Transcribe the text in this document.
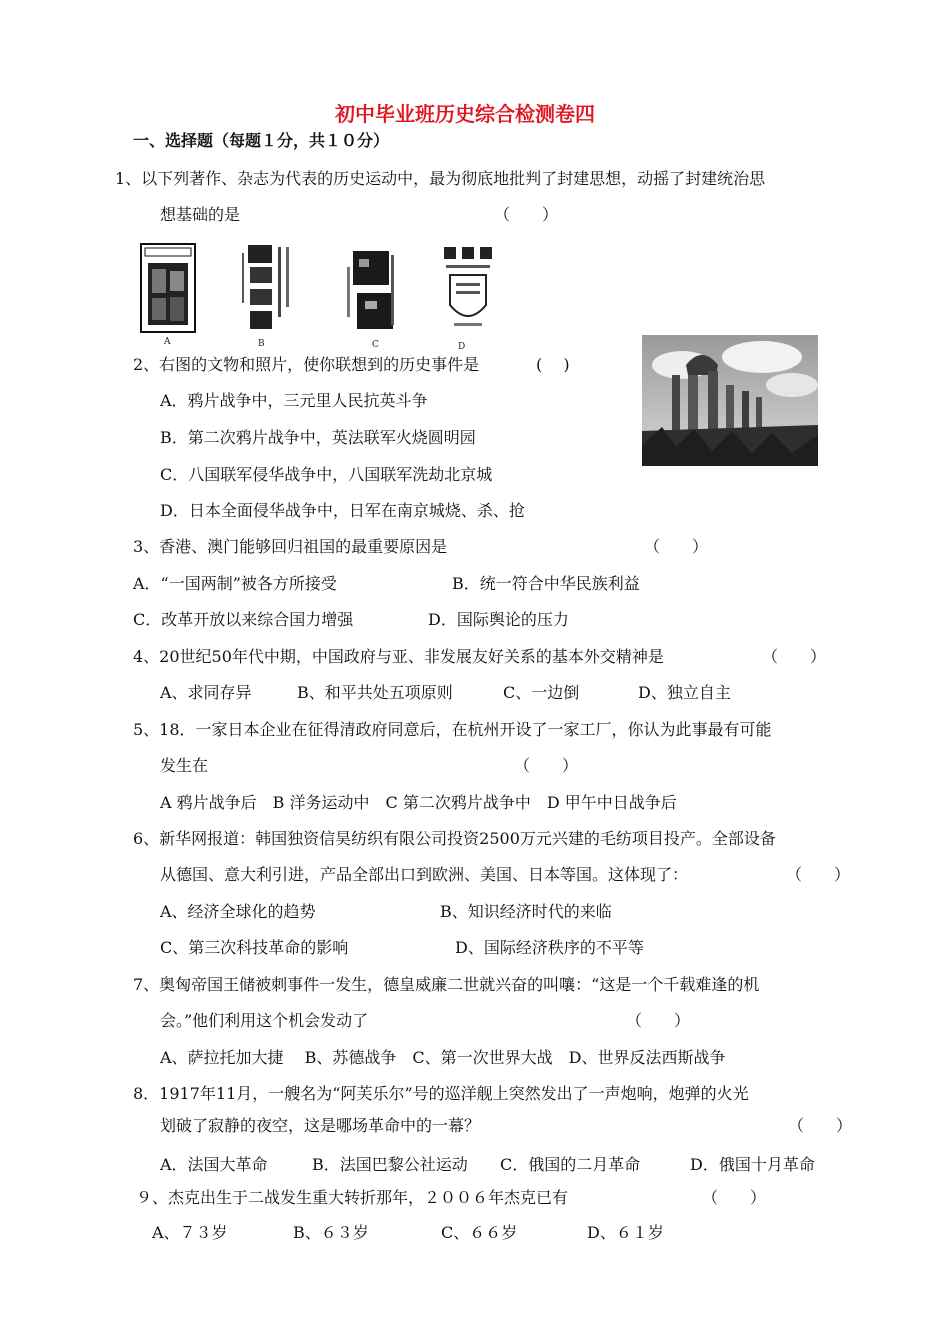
初中毕业班历史综合检测卷四
一、选择题（每题１分，共１０分）
1、以下列著作、杂志为代表的历史运动中，最为彻底地批判了封建思想，动摇了封建统治思
想基础的是	（　　）
A	B	C	D
2、右图的文物和照片，使你联想到的历史事件是	(　 )
A．鸦片战争中，三元里人民抗英斗争
B．第二次鸦片战争中，英法联军火烧圆明园
C．八国联军侵华战争中，八国联军洗劫北京城
D．日本全面侵华战争中，日军在南京城烧、杀、抢
3、香港、澳门能够回归祖国的最重要原因是	（　　）
A．“一国两制”被各方所接受	B．统一符合中华民族利益
C．改革开放以来综合国力增强	D．国际舆论的压力
4、20世纪50年代中期，中国政府与亚、非发展友好关系的基本外交精神是	（　　）
A、求同存异	B、和平共处五项原则	C、一边倒	D、独立自主
5、18．一家日本企业在征得清政府同意后，在杭州开设了一家工厂，你认为此事最有可能
发生在	（　　）
A 鸦片战争后　B 洋务运动中　C 第二次鸦片战争中　D 甲午中日战争后
6、新华网报道：韩国独资信昊纺织有限公司投资2500万元兴建的毛纺项目投产。全部设备
从德国、意大利引进，产品全部出口到欧洲、美国、日本等国。这体现了：	（　　）
A、经济全球化的趋势	B、知识经济时代的来临
C、第三次科技革命的影响	D、国际经济秩序的不平等
7、奥匈帝国王储被刺事件一发生，德皇威廉二世就兴奋的叫嚷：“这是一个千载难逢的机
会。”他们利用这个机会发动了	（　　）
A、萨拉托加大捷　 B、苏德战争　C、第一次世界大战　D、世界反法西斯战争
8．1917年11月，一艘名为“阿芙乐尔”号的巡洋舰上突然发出了一声炮响，炮弹的火光
划破了寂静的夜空，这是哪场革命中的一幕？	（　　）
A．法国大革命	B．法国巴黎公社运动 C．俄国的二月革命	D．俄国十月革命
９、杰克出生于二战发生重大转折那年，２００６年杰克已有	（　　）
A、７３岁	B、６３岁	C、６６岁	D、６１岁
